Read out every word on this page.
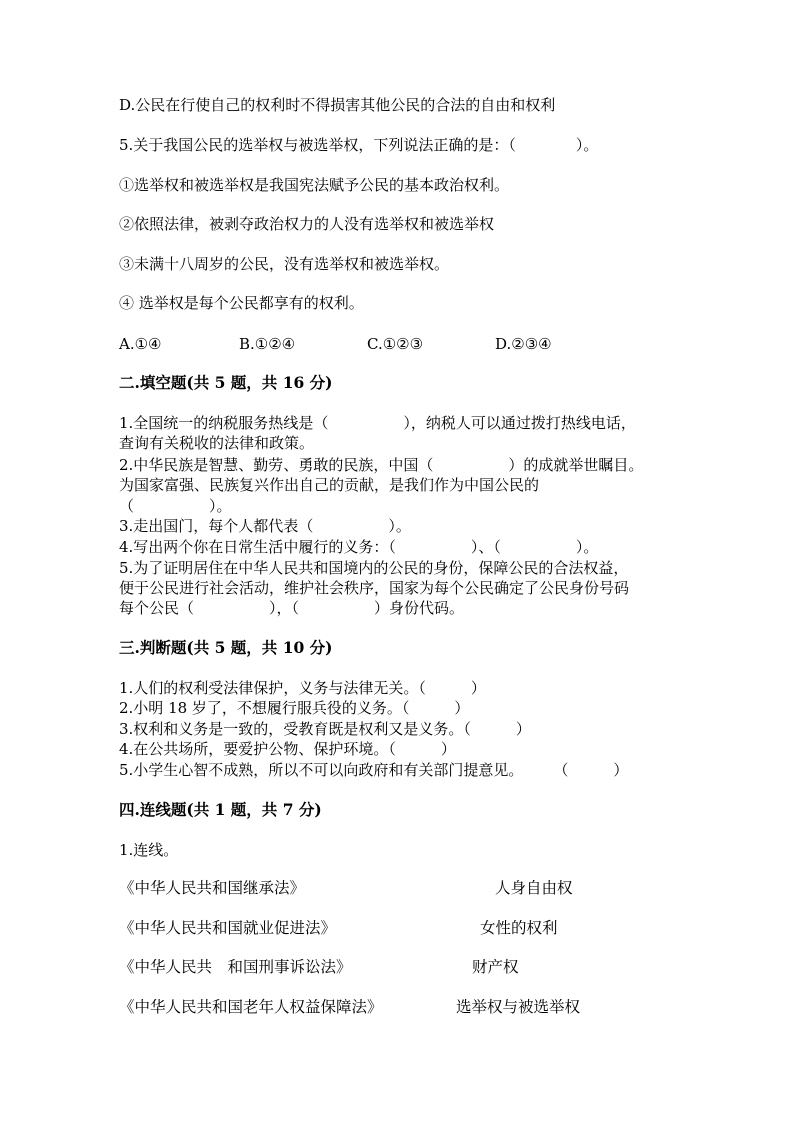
D.公民在行使自己的权利时不得损害其他公民的合法的自由和权利
5.关于我国公民的选举权与被选举权，下列说法正确的是：（　　　　）。
①选举权和被选举权是我国宪法赋予公民的基本政治权利。
②依照法律，被剥夺政治权力的人没有选举权和被选举权
③未满十八周岁的公民，没有选举权和被选举权。
④ 选举权是每个公民都享有的权利。
A.①④	B.①②④	C.①②③	D.②③④
二.填空题(共 5 题，共 16 分)
1.全国统一的纳税服务热线是（　　　　　），纳税人可以通过拨打热线电话，
查询有关税收的法律和政策。
2.中华民族是智慧、勤劳、勇敢的民族，中国（　　　　　）的成就举世瞩目。
为国家富强、民族复兴作出自己的贡献，是我们作为中国公民的
（　　　　　）。
3.走出国门，每个人都代表（　　　　　）。
4.写出两个你在日常生活中履行的义务：（　　　　　）、（　　　　　）。
5.为了证明居住在中华人民共和国境内的公民的身份，保障公民的合法权益，
便于公民进行社会活动，维护社会秩序，国家为每个公民确定了公民身份号码
每个公民（　　　　　），（　　　　　）身份代码。
三.判断题(共 5 题，共 10 分)
1.人们的权利受法律保护，义务与法律无关。（　　　）
2.小明 18 岁了，不想履行服兵役的义务。（　　　）
3.权利和义务是一致的，受教育既是权利又是义务。（　　　）
4.在公共场所，要爱护公物、保护环境。（　　　）
5.小学生心智不成熟，所以不可以向政府和有关部门提意见。　　　（　　　）
四.连线题(共 1 题，共 7 分)
1.连线。
《中华人民共和国继承法》	人身自由权
《中华人民共和国就业促进法》	女性的权利
《中华人民共　和国刑事诉讼法》	财产权
《中华人民共和国老年人权益保障法》	选举权与被选举权
